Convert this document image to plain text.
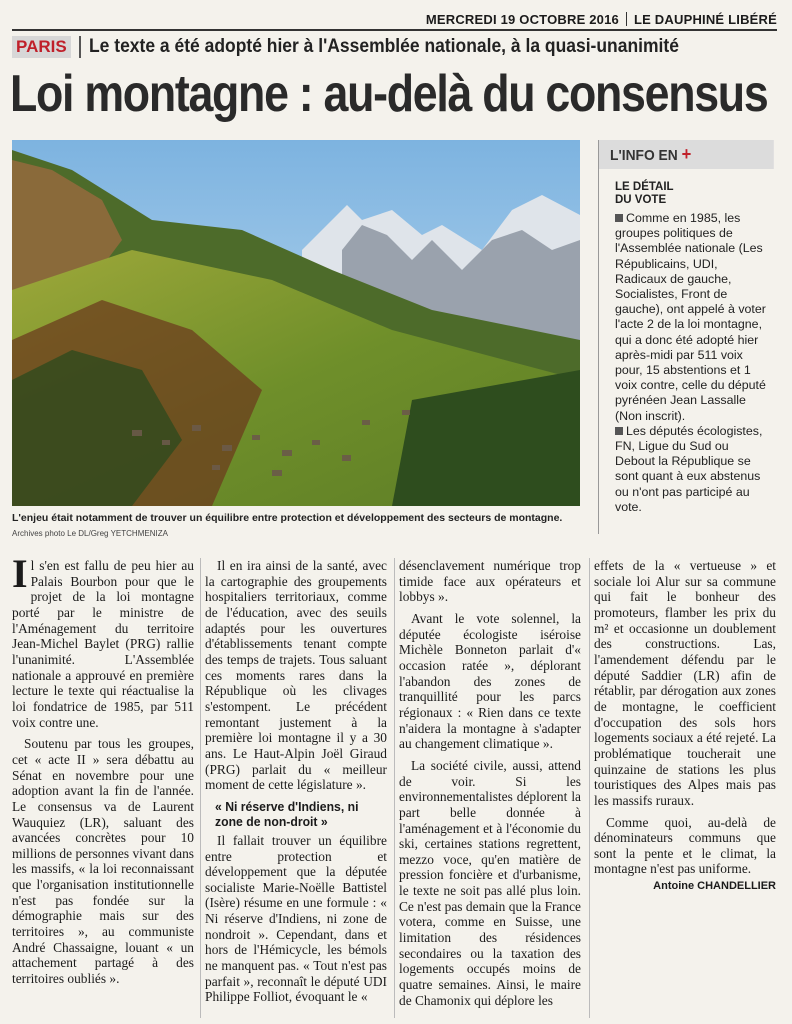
MERCREDI 19 OCTOBRE 2016 LE DAUPHINÉ LIBÉRÉ
PARIS Le texte a été adopté hier à l'Assemblée nationale, à la quasi-unanimité
Loi montagne : au-delà du consensus
L'enjeu était notamment de trouver un équilibre entre protection et développement des secteurs de montagne.
Archives photo Le DL/Greg YETCHMENIZA
L'INFO EN +
LE DÉTAIL
DU VOTE

Comme en 1985, les groupes politiques de l'Assemblée nationale (Les Républicains, UDI, Radicaux de gauche, Socialistes, Front de gauche), ont appelé à voter l'acte 2 de la loi montagne, qui a donc été adopté hier après-midi par 511 voix pour, 15 abstentions et 1 voix contre, celle du député pyrénéen Jean Lassalle (Non inscrit).

Les députés écologistes, FN, Ligue du Sud ou Debout la République se sont quant à eux abstenus ou n'ont pas participé au vote.

Il s'en est fallu de peu hier au Palais Bourbon pour que le projet de la loi montagne porté par le ministre de l'Aménagement du territoire Jean-Michel Baylet (PRG) rallie l'unanimité. L'Assemblée nationale a approuvé en première lecture le texte qui réactualise la loi fondatrice de 1985, par 511 voix contre une.

Soutenu par tous les groupes, cet « acte II » sera débattu au Sénat en novembre pour une adoption avant la fin de l'année. Le consensus va de Laurent Wauquiez (LR), saluant des avancées concrètes pour 10 millions de personnes vivant dans les massifs, « la loi reconnaissant que l'organisation institutionnelle n'est pas fondée sur la démographie mais sur des territoires », au communiste André Chassaigne, louant « un attachement partagé à des territoires oubliés ».

Il en ira ainsi de la santé, avec la cartographie des groupements hospitaliers territoriaux, comme de l'éducation, avec des seuils adaptés pour les ouvertures d'établissements tenant compte des temps de trajets. Tous saluant ces moments rares dans la République où les clivages s'estompent. Le précédent remontant justement à la première loi montagne il y a 30 ans. Le Haut-Alpin Joël Giraud (PRG) parlait du « meilleur moment de cette législature ».

« Ni réserve d'Indiens, ni zone de non-droit »

Il fallait trouver un équilibre entre protection et développement que la députée socialiste Marie-Noëlle Battistel (Isère) résume en une formule : « Ni réserve d'Indiens, ni zone de nondroit ». Cependant, dans et hors de l'Hémicycle, les bémols ne manquent pas. « Tout n'est pas parfait », reconnaît le député UDI Philippe Folliot, évoquant le «

désenclavement numérique trop timide face aux opérateurs et lobbys ».

Avant le vote solennel, la députée écologiste iséroise Michèle Bonneton parlait d'« occasion ratée », déplorant l'abandon des zones de tranquillité pour les parcs régionaux : « Rien dans ce texte n'aidera la montagne à s'adapter au changement climatique ».

La société civile, aussi, attend de voir. Si les environnementalistes déplorent la part belle donnée à l'aménagement et à l'économie du ski, certaines stations regrettent, mezzo voce, qu'en matière de pression foncière et d'urbanisme, le texte ne soit pas allé plus loin. Ce n'est pas demain que la France votera, comme en Suisse, une limitation des résidences secondaires ou la taxation des logements occupés moins de quatre semaines. Ainsi, le maire de Chamonix qui déplore les

effets de la « vertueuse » et sociale loi Alur sur sa commune qui fait le bonheur des promoteurs, flamber les prix du m² et occasionne un doublement des constructions. Las, l'amendement défendu par le député Saddier (LR) afin de rétablir, par dérogation aux zones de montagne, le coefficient d'occupation des sols hors logements sociaux a été rejeté. La problématique toucherait une quinzaine de stations les plus touristiques des Alpes mais pas les massifs ruraux.

Comme quoi, au-delà de dénominateurs communs que sont la pente et le climat, la montagne n'est pas uniforme.

Antoine CHANDELLIER
